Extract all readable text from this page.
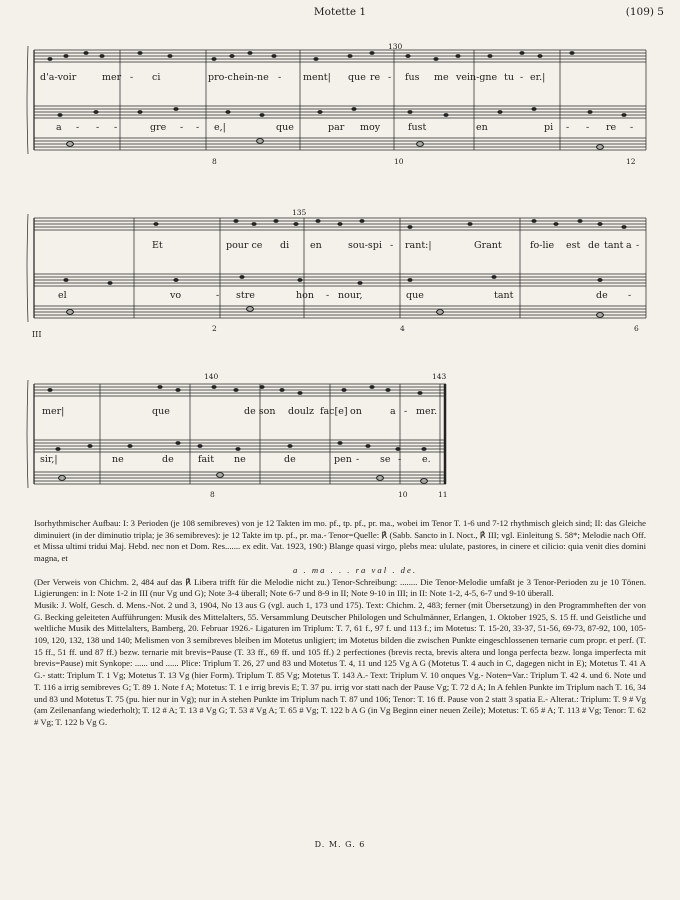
Motette 1	(109) 5
130
d'a-voir	mer - ci	pro-chein-ne - ment| que re - fus me vein-gne tu - er.|
a - - -	gre - - e,|	que	par moy	fust	en	pi - - re -
8	10	12
135
Et	pour ce di en	sou-spi - rant:|	Grant	fo-lie est de tant a -
el	vo	- stre	hon - nour,	que	tant	de -
III
2	4	6
140	143
mer|	que	de son doulz fac[e] on	a - mer.
sir,|	ne	de	fait ne	de	pen - se - e.
8	10	11

Isorhythmischer Aufbau: I: 3 Perioden (je 108 semibreves) von je 12 Takten im mo. pf., tp. pf., pr. ma., wobei im Tenor T. 1-6 und 7-12 rhythmisch gleich sind; II: das Gleiche diminuiert (in der diminutio tripla; je 36 semibreves): je 12 Takte im tp. pf., pr. ma.- Tenor=Quelle: ℟ (Sabb. Sancto in I. Noct., ℟ III; vgl. Einleitung S. 58*; Melodie nach Off. et Missa ultimi tridui Maj. Hebd. nec non et Dom. Res....... ex edit. Vat. 1923, 190:) Blange quasi virgo, plebs mea: ululate, pastores, in cinere et cilicio: quia venit dies domini magna, et

a . ma . . . ra val . de.

(Der Verweis von Chichm. 2, 484 auf das ℟ Libera trifft für die Melodie nicht zu.) Tenor-Schreibung: ........ Die Tenor-Melodie umfaßt je 3 Tenor-Perioden zu je 10 Tönen. Ligierungen: in I: Note 1-2 in III (nur Vg und G); Note 3-4 überall; Note 6-7 und 8-9 in II; Note 9-10 in III; in II: Note 1-2, 4-5, 6-7 und 9-10 überall.

Musik: J. Wolf, Gesch. d. Mens.-Not. 2 und 3, 1904, No 13 aus G (vgl. auch 1, 173 und 175). Text: Chichm. 2, 483; ferner (mit Übersetzung) in den Programmheften der von G. Becking geleiteten Aufführungen: Musik des Mittelalters, 55. Versammlung Deutscher Philologen und Schulmänner, Erlangen, 1. Oktober 1925, S. 15 ff. und Geistliche und weltliche Musik des Mittelalters, Bamberg, 20. Februar 1926.- Ligaturen im Triplum: T. 7, 61 f., 97 f. und 113 f.; im Motetus: T. 15-20, 33-37, 51-56, 69-73, 87-92, 100, 105-109, 120, 132, 138 und 140; Melismen von 3 semibreves bleiben im Motetus unligiert; im Motetus bilden die zwischen Punkte eingeschlossenen ternarie cum propr. et perf. (T. 15 ff., 51 ff. und 87 ff.) bezw. ternarie mit brevis=Pause (T. 33 ff., 69 ff. und 105 ff.) 2 perfectiones (brevis recta, brevis altera und longa perfecta bezw. longa imperfecta mit brevis=Pause) mit Synkope: ...... und ...... Plice: Triplum T. 26, 27 und 83 und Motetus T. 4, 11 und 125 Vg A G (Motetus T. 4 auch in C, dagegen nicht in E); Motetus T. 41 A G.- statt: Triplum T. 1 Vg; Motetus T. 13 Vg (hier Form). Triplum T. 85 Vg; Motetus T. 143 A.- Text: Triplum V. 10 onques Vg.- Noten=Var.: Triplum T. 42 4. und 6. Note und T. 116 a irrig semibreves G; T. 89 1. Note f A; Motetus: T. 1 e irrig brevis E; T. 37 pu. irrig vor statt nach der Pause Vg; T. 72 d A; In A fehlen Punkte im Triplum nach T. 16, 34 und 83 und Motetus T. 75 (pu. hier nur in Vg); nur in A stehen Punkte im Triplum nach T. 87 und 106; Tenor: T. 16 ff. Pause von 2 statt 3 spatia E.- Alterat.: Triplum: T. 9 # Vg (am Zeilenanfang wiederholt); T. 12 # A; T. 13 # Vg G; T. 53 # Vg A; T. 65 # Vg; T. 122 b A G (in Vg Beginn einer neuen Zeile); Motetus: T. 65 # A; T. 113 # Vg; Tenor: T. 62 # Vg; T. 122 b Vg G.

D. M. G. 6
